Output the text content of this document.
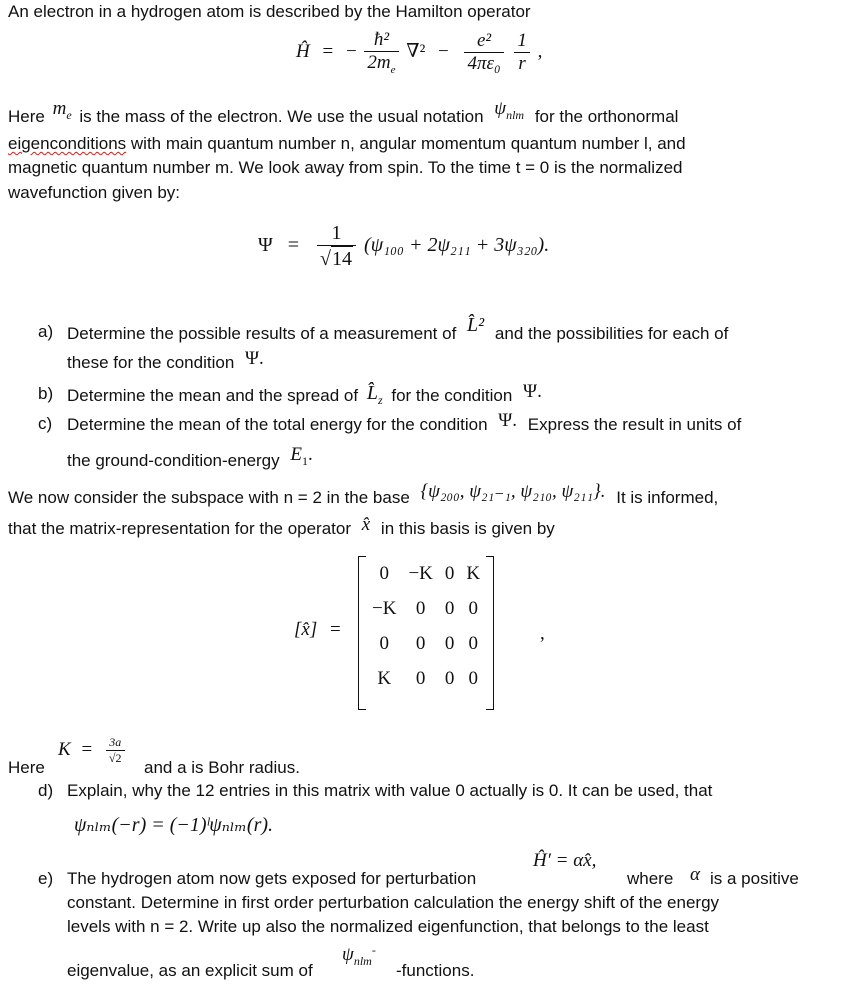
An electron in a hydrogen atom is described by the Hamilton operator
Ĥ = − $\frac{\text{ħ²}}{2m_e} \nabla^2 - \frac{\text{e²}}{\text{4πε₀}}$
$\frac{1}{r}$ ,
Here $m_e$ is the mass of the electron. We use the usual notation $\psi_{nlm}$ for the orthonormal
eigenconditions with main quantum number n, angular momentum quantum number l, and
magnetic quantum number m. We look away from spin. To the time t = 0 is the normalized
wavefunction given by:
$\Psi = \frac{1}{√14} (\psi_{100} + 2\psi_{211} + 3\psi_{320})$.
a) Determine the possible results of a measurement of L̂² and the possibilities for each of
these for the condition Ψ.
b) Determine the mean and the spread of $L̂_z$ for the condition Ψ.
c) Determine the mean of the total energy for the condition Ψ. Express the result in units of
the ground-condition-energy $E_1$.
We now consider the subspace with n = 2 in the base {ψ₂₀₀, ψ₂₁₋₁, ψ₂₁₀, ψ₂₁₁}. It is informed,
that the matrix-representation for the operator x̂ in this basis is given by
[x̂] =
0	−K	0	K
−K	0	0	0
0	0	0	0
K	0	0	0
,
$K = \frac{3a}{√2}$
Here	and a is Bohr radius.
d) Explain, why the 12 entries in this matrix with value 0 actually is 0. It can be used, that
ψₙₗₘ(−r) = (−1)ˡψₙₗₘ(r).
e) The hydrogen atom now gets exposed for perturbation
Ĥ′ = αx̂,
where α is a positive
constant. Determine in first order perturbation calculation the energy shift of the energy
levels with n = 2. Write up also the normalized eigenfunction, that belongs to the least
eigenvalue, as an explicit sum of
$\psi_{nlm}^-$
-functions.
